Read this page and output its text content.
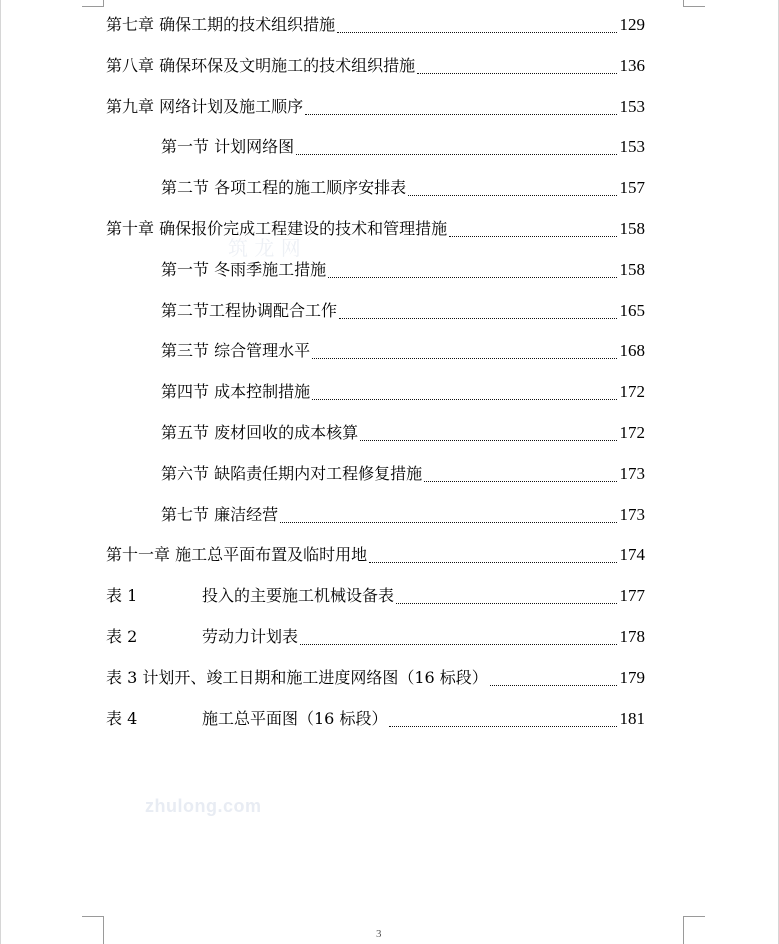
筑 龙 网
第七章 确保工期的技术组织措施	129
第八章 确保环保及文明施工的技术组织措施	136
第九章 网络计划及施工顺序	153
第一节 计划网络图	153
第二节 各项工程的施工顺序安排表	157
第十章 确保报价完成工程建设的技术和管理措施	158
第一节 冬雨季施工措施	158
第二节工程协调配合工作	165
第三节 综合管理水平	168
第四节 成本控制措施	172
第五节 废材回收的成本核算	172
第六节 缺陷责任期内对工程修复措施	173
第七节 廉洁经营	173
第十一章 施工总平面布置及临时用地	174
表 1	投入的主要施工机械设备表	177
表 2	劳动力计划表	178
表 3 计划开、竣工日期和施工进度网络图（16 标段）	179
表 4	施工总平面图（16 标段）	181
zhulong.com
3
